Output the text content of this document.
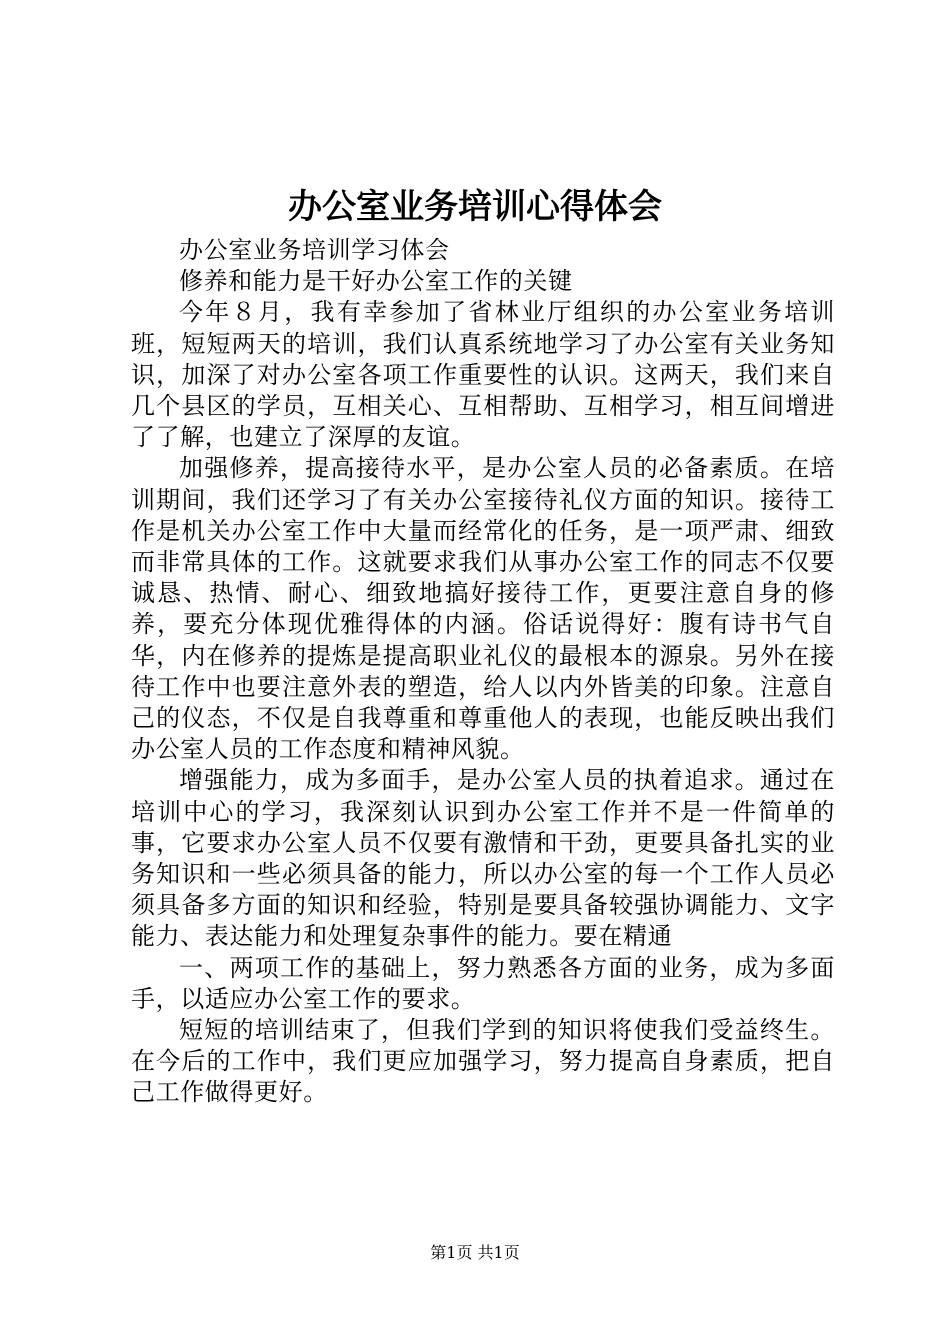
办公室业务培训心得体会

办公室业务培训学习体会

修养和能力是干好办公室工作的关键

今年８月，我有幸参加了省林业厅组织的办公室业务培训班，短短两天的培训，我们认真系统地学习了办公室有关业务知识，加深了对办公室各项工作重要性的认识。这两天，我们来自几个县区的学员，互相关心、互相帮助、互相学习，相互间增进了了解，也建立了深厚的友谊。

加强修养，提高接待水平，是办公室人员的必备素质。在培训期间，我们还学习了有关办公室接待礼仪方面的知识。接待工作是机关办公室工作中大量而经常化的任务，是一项严肃、细致而非常具体的工作。这就要求我们从事办公室工作的同志不仅要诚恳、热情、耐心、细致地搞好接待工作，更要注意自身的修养，要充分体现优雅得体的内涵。俗话说得好：腹有诗书气自华，内在修养的提炼是提高职业礼仪的最根本的源泉。另外在接待工作中也要注意外表的塑造，给人以内外皆美的印象。注意自己的仪态，不仅是自我尊重和尊重他人的表现，也能反映出我们办公室人员的工作态度和精神风貌。

增强能力，成为多面手，是办公室人员的执着追求。通过在培训中心的学习，我深刻认识到办公室工作并不是一件简单的事，它要求办公室人员不仅要有激情和干劲，更要具备扎实的业务知识和一些必须具备的能力，所以办公室的每一个工作人员必须具备多方面的知识和经验，特别是要具备较强协调能力、文字能力、表达能力和处理复杂事件的能力。要在精通

一、两项工作的基础上，努力熟悉各方面的业务，成为多面手，以适应办公室工作的要求。

短短的培训结束了，但我们学到的知识将使我们受益终生。在今后的工作中，我们更应加强学习，努力提高自身素质，把自己工作做得更好。

第1页 共1页
